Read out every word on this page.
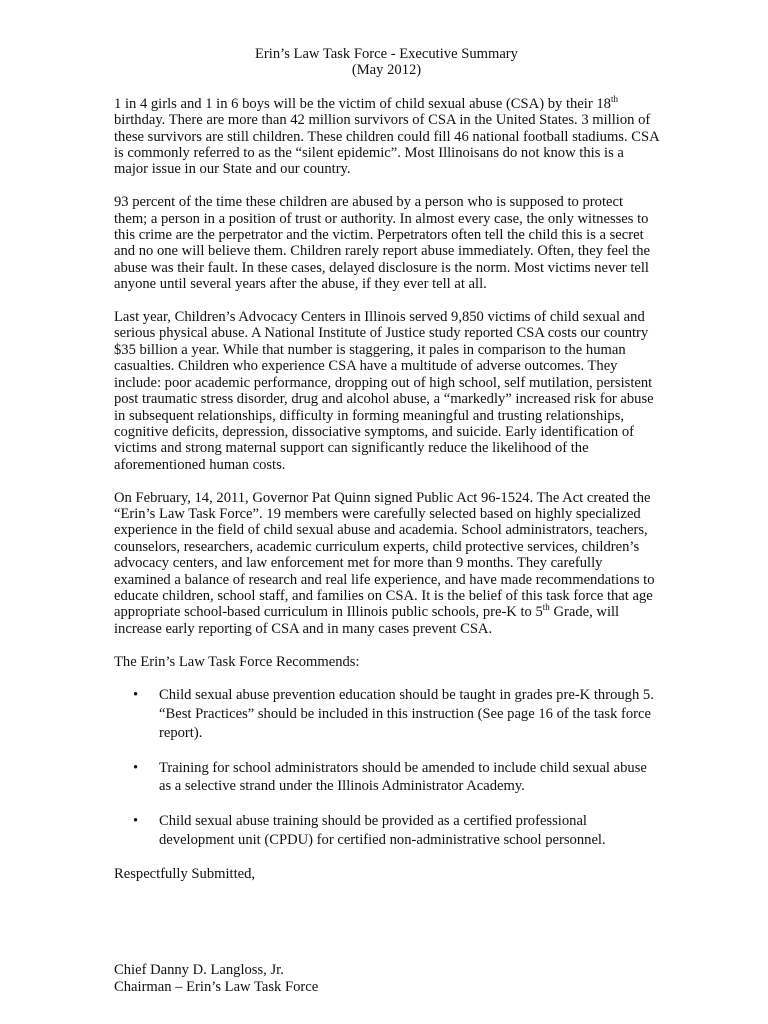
Erin’s Law Task Force - Executive Summary
(May 2012)

1 in 4 girls and 1 in 6 boys will be the victim of child sexual abuse (CSA) by their 18th birthday. There are more than 42 million survivors of CSA in the United States. 3 million of these survivors are still children. These children could fill 46 national football stadiums. CSA is commonly referred to as the “silent epidemic”. Most Illinoisans do not know this is a major issue in our State and our country.

93 percent of the time these children are abused by a person who is supposed to protect them; a person in a position of trust or authority. In almost every case, the only witnesses to this crime are the perpetrator and the victim. Perpetrators often tell the child this is a secret and no one will believe them. Children rarely report abuse immediately. Often, they feel the abuse was their fault. In these cases, delayed disclosure is the norm. Most victims never tell anyone until several years after the abuse, if they ever tell at all.

Last year, Children’s Advocacy Centers in Illinois served 9,850 victims of child sexual and serious physical abuse. A National Institute of Justice study reported CSA costs our country $35 billion a year. While that number is staggering, it pales in comparison to the human casualties. Children who experience CSA have a multitude of adverse outcomes. They include: poor academic performance, dropping out of high school, self mutilation, persistent post traumatic stress disorder, drug and alcohol abuse, a “markedly” increased risk for abuse in subsequent relationships, difficulty in forming meaningful and trusting relationships, cognitive deficits, depression, dissociative symptoms, and suicide. Early identification of victims and strong maternal support can significantly reduce the likelihood of the aforementioned human costs.

On February, 14, 2011, Governor Pat Quinn signed Public Act 96-1524. The Act created the “Erin’s Law Task Force”. 19 members were carefully selected based on highly specialized experience in the field of child sexual abuse and academia. School administrators, teachers, counselors, researchers, academic curriculum experts, child protective services, children’s advocacy centers, and law enforcement met for more than 9 months. They carefully examined a balance of research and real life experience, and have made recommendations to educate children, school staff, and families on CSA. It is the belief of this task force that age appropriate school-based curriculum in Illinois public schools, pre-K to 5th Grade, will increase early reporting of CSA and in many cases prevent CSA.

The Erin’s Law Task Force Recommends:

• Child sexual abuse prevention education should be taught in grades pre-K through 5. “Best Practices” should be included in this instruction (See page 16 of the task force report).
• Training for school administrators should be amended to include child sexual abuse as a selective strand under the Illinois Administrator Academy.
• Child sexual abuse training should be provided as a certified professional development unit (CPDU) for certified non-administrative school personnel.

Respectfully Submitted,

Chief Danny D. Langloss, Jr.
Chairman – Erin’s Law Task Force
